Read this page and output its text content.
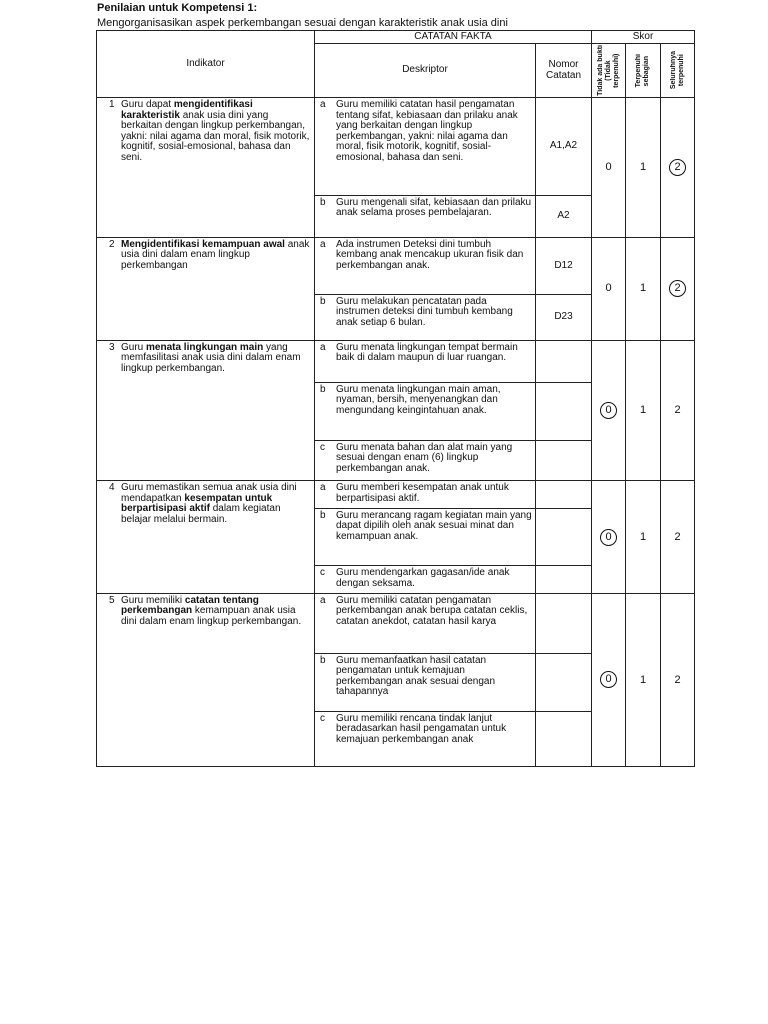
Penilaian untuk Kompetensi 1:
Mengorganisasikan aspek perkembangan sesuai dengan karakteristik anak usia dini
Indikator	CATATAN FAKTA		Skor		
	Deskriptor	Nomor Catatan	Tidak ada bukti
(Tidak
terpenuhi)	Terpenuhi
sebagian	Seluruhnya
terpenuhi

1 Guru dapat mengidentifikasi karakteristik anak usia dini yang berkaitan dengan lingkup perkembangan, yakni: nilai agama dan moral, fisik motorik, kognitif, sosial-emosional, bahasa dan seni.	a Guru memiliki catatan hasil pengamatan tentang sifat, kebiasaan dan prilaku anak yang berkaitan dengan lingkup perkembangan, yakni: nilai agama dan moral, fisik motorik, kognitif, sosial-emosional, bahasa dan seni.	A1,A2	0	1	2

	b Guru mengenali sifat, kebiasaan dan prilaku anak selama proses pembelajaran.	A2			

2 Mengidentifikasi kemampuan awal anak usia dini dalam enam lingkup perkembangan	a Ada instrumen Deteksi dini tumbuh kembang anak mencakup ukuran fisik dan perkembangan anak.	D12	0	1	2

	b Guru melakukan pencatatan pada instrumen deteksi dini tumbuh kembang anak setiap 6 bulan.	D23			

3 Guru menata lingkungan main yang memfasilitasi anak usia dini dalam enam lingkup perkembangan.	a Guru menata lingkungan tempat bermain baik di dalam maupun di luar ruangan.		0	1	2

	b Guru menata lingkungan main aman, nyaman, bersih, menyenangkan dan mengundang keingintahuan anak.				

	c Guru menata bahan dan alat main yang sesuai dengan enam (6) lingkup perkembangan anak.				

4 Guru memastikan semua anak usia dini mendapatkan kesempatan untuk berpartisipasi aktif dalam kegiatan belajar melalui bermain.	a Guru memberi kesempatan anak untuk berpartisipasi aktif.		0	1	2

	b Guru merancang ragam kegiatan main yang dapat dipilih oleh anak sesuai minat dan kemampuan anak.				

	c Guru mendengarkan gagasan/ide anak dengan seksama.				

5 Guru memiliki catatan tentang perkembangan kemampuan anak usia dini dalam enam lingkup perkembangan.	a Guru memiliki catatan pengamatan perkembangan anak berupa catatan ceklis, catatan anekdot, catatan hasil karya		0	1	2

	b Guru memanfaatkan hasil catatan pengamatan untuk kemajuan perkembangan anak sesuai dengan tahapannya				

	c Guru memiliki rencana tindak lanjut beradasarkan hasil pengamatan untuk kemajuan perkembangan anak				
